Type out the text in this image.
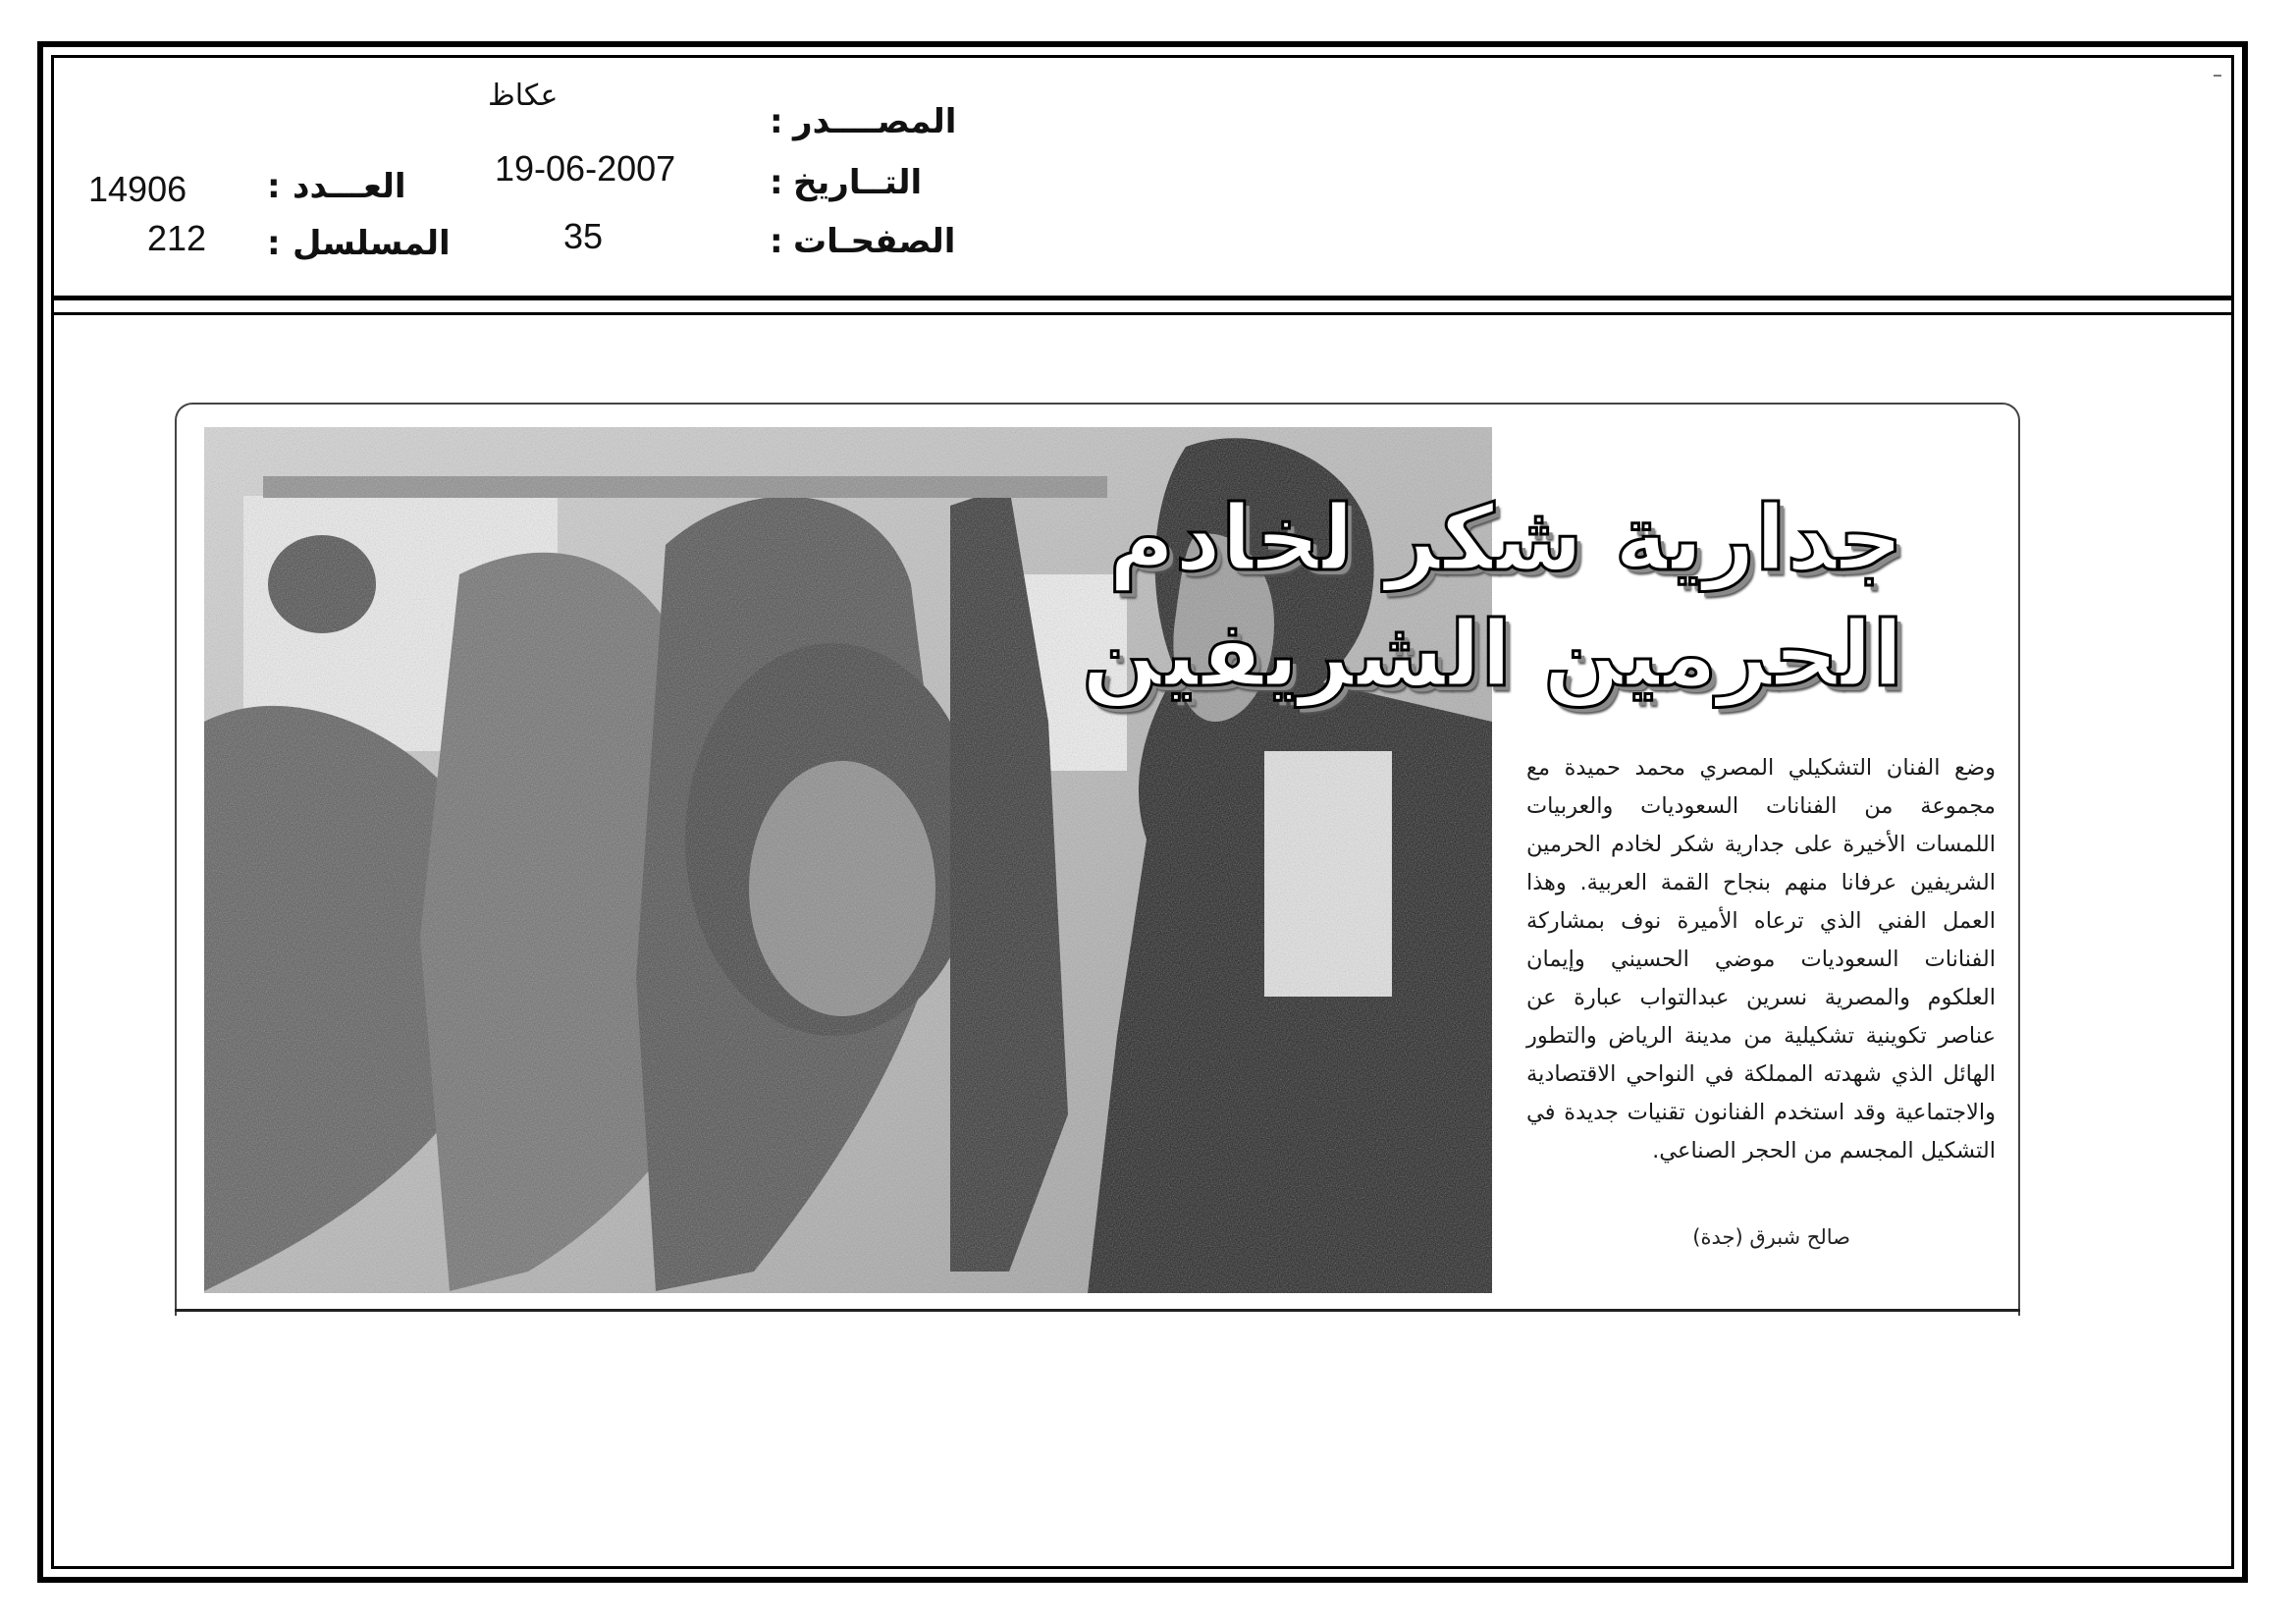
المصــــدر
:
عكاظ
التــاريخ
:
19-06-2007
الصفحـات
:
35
العـــدد
:
14906
المسلسل
:
212
جدارية شكر لخادم
الحرمين الشريفين
وضع الفنان التشكيلي المصري محمد حميدة مع مجموعة من الفنانات السعوديات والعربيات اللمسات الأخيرة على جدارية شكر لخادم الحرمين الشريفين عرفانا منهم بنجاح القمة العربية. وهذا العمل الفني الذي ترعاه الأميرة نوف بمشاركة الفنانات السعوديات موضي الحسيني وإيمان العلكوم والمصرية نسرين عبدالتواب عبارة عن عناصر تكوينية تشكيلية من مدينة الرياض والتطور الهائل الذي شهدته المملكة في النواحي الاقتصادية والاجتماعية وقد استخدم الفنانون تقنيات جديدة في التشكيل المجسم من الحجر الصناعي.
صالح شبرق (جدة)
